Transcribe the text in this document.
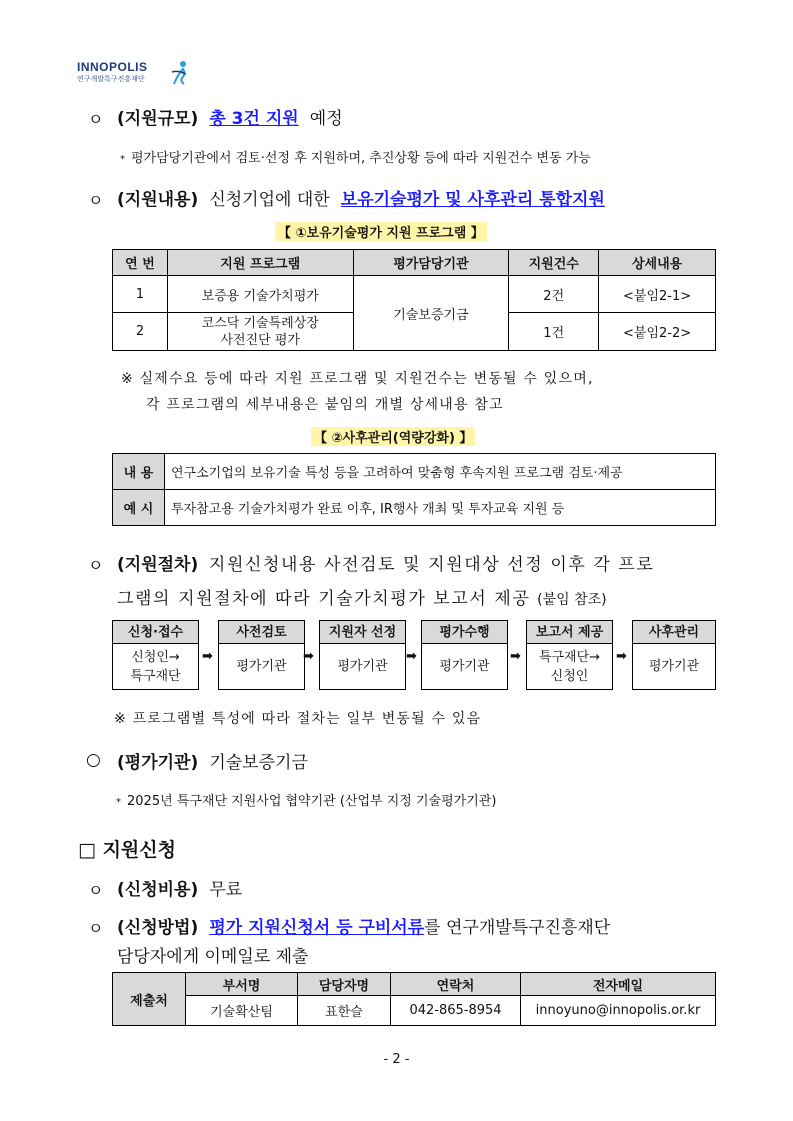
INNOPOLIS
연구개발특구진흥재단
ㅇ (지원규모) 총 3건 지원 예정
* 평가담당기관에서 검토·선정 후 지원하며, 추진상황 등에 따라 지원건수 변동 가능
ㅇ (지원내용) 신청기업에 대한 보유기술평가 및 사후관리 통합지원
【 ①보유기술평가 지원 프로그램 】
연 번	지원 프로그램	평가담당기관	지원건수	상세내용
1	보증용 기술가치평가	기술보증기금	2건	<붙임2-1>
2	코스닥 기술특례상장
사전진단 평가		1건	<붙임2-2>
※ 실제수요 등에 따라 지원 프로그램 및 지원건수는 변동될 수 있으며,
각 프로그램의 세부내용은 붙임의 개별 상세내용 참고
【 ②사후관리(역량강화) 】
내 용	연구소기업의 보유기술 특성 등을 고려하여 맞춤형 후속지원 프로그램 검토·제공
예 시	투자참고용 기술가치평가 완료 이후, IR행사 개최 및 투자교육 지원 등
ㅇ (지원절차) 지원신청내용 사전검토 및 지원대상 선정 이후 각 프로
그램의 지원절차에 따라 기술가치평가 보고서 제공 (붙임 참조)
신청·접수
신청인→
특구재단
➡
사전검토
평가기관
➡
지원자 선정
평가기관
➡
평가수행
평가기관
➡
보고서 제공
특구재단→
신청인
➡
사후관리
평가기관
※ 프로그램별 특성에 따라 절차는 일부 변동될 수 있음
○ (평가기관) 기술보증기금
* 2025년 특구재단 지원사업 협약기관 (산업부 지정 기술평가기관)
□ 지원신청
ㅇ (신청비용) 무료
ㅇ (신청방법) 평가 지원신청서 등 구비서류를 연구개발특구진흥재단
담당자에게 이메일로 제출
제출처	부서명	담당자명	연락처	전자메일
	기술확산팀	표한슬	042-865-8954	innoyuno@innopolis.or.kr
- 2 -
